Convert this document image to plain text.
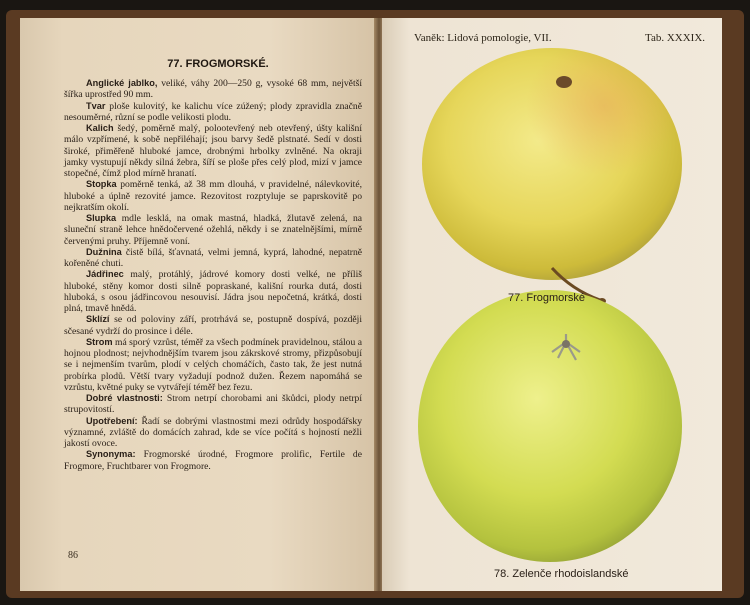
77. FROGMORSKÉ.

Anglické jablko, veliké, váhy 200—250 g, vysoké 68 mm, největší šířka uprostřed 90 mm.

Tvar ploše kulovitý, ke kalichu více zúžený; plody zpravidla značně nesouměrné, různí se podle velikosti plodu.

Kalich šedý, poměrně malý, polootevřený neb otevřený, úšty kališní málo vzpřímené, k sobě nepřiléhají; jsou barvy šedě plstnaté. Sedí v dosti široké, přiměřeně hluboké jamce, drobnými hrbolky zvlněné. Na okraji jamky vystupují někdy silná žebra, šíří se ploše přes celý plod, mizí v jamce stopečné, čímž plod mírně hranatí.

Stopka poměrně tenká, až 38 mm dlouhá, v pravidelné, nálevkovité, hluboké a úplně rezovité jamce. Rezovitost rozptyluje se paprskovitě po nejkratším okolí.

Slupka mdle lesklá, na omak mastná, hladká, žlutavě zelená, na sluneční straně lehce hnědočervené ožehlá, někdy i se znatelnějšími, mírně červenými pruhy. Příjemně voní.

Dužnina čistě bílá, šťavnatá, velmi jemná, kyprá, lahodné, nepatrně kořeněné chuti.

Jádřinec malý, protáhlý, jádrové komory dosti velké, ne příliš hluboké, stěny komor dosti silně popraskané, kališní rourka dutá, dosti hluboká, s osou jádřincovou nesouvisí. Jádra jsou nepočetná, krátká, dosti plná, tmavě hnědá.

Sklízí se od poloviny září, protrhává se, postupně dospívá, později sčesané vydrží do prosince i déle.

Strom má sporý vzrůst, téměř za všech podmínek pravidelnou, stálou a hojnou plodnost; nejvhodnějším tvarem jsou zákrskové stromy, přizpůsobují se i nejmenším tvarům, plodí v celých chomáčích, často tak, že jest nutná probírka plodů. Větší tvary vyžadují podnož dužen. Řezem napomáhá se vzrůstu, květné puky se vytvářejí téměř bez řezu.

Dobré vlastnosti: Strom netrpí chorobami ani škůdci, plody netrpí strupovitostí.

Upotřebení: Řadí se dobrými vlastnostmi mezi odrůdy hospodářsky významné, zvláště do domácích zahrad, kde se více počítá s hojností nežli jakostí ovoce.

Synonyma: Frogmorské úrodné, Frogmore prolific, Fertile de Frogmore, Fruchtbarer von Frogmore.

86
Vaněk: Lidová pomologie, VII.	Tab. XXXIX.
77. Frogmorské
78. Zelenče rhodoislandské
